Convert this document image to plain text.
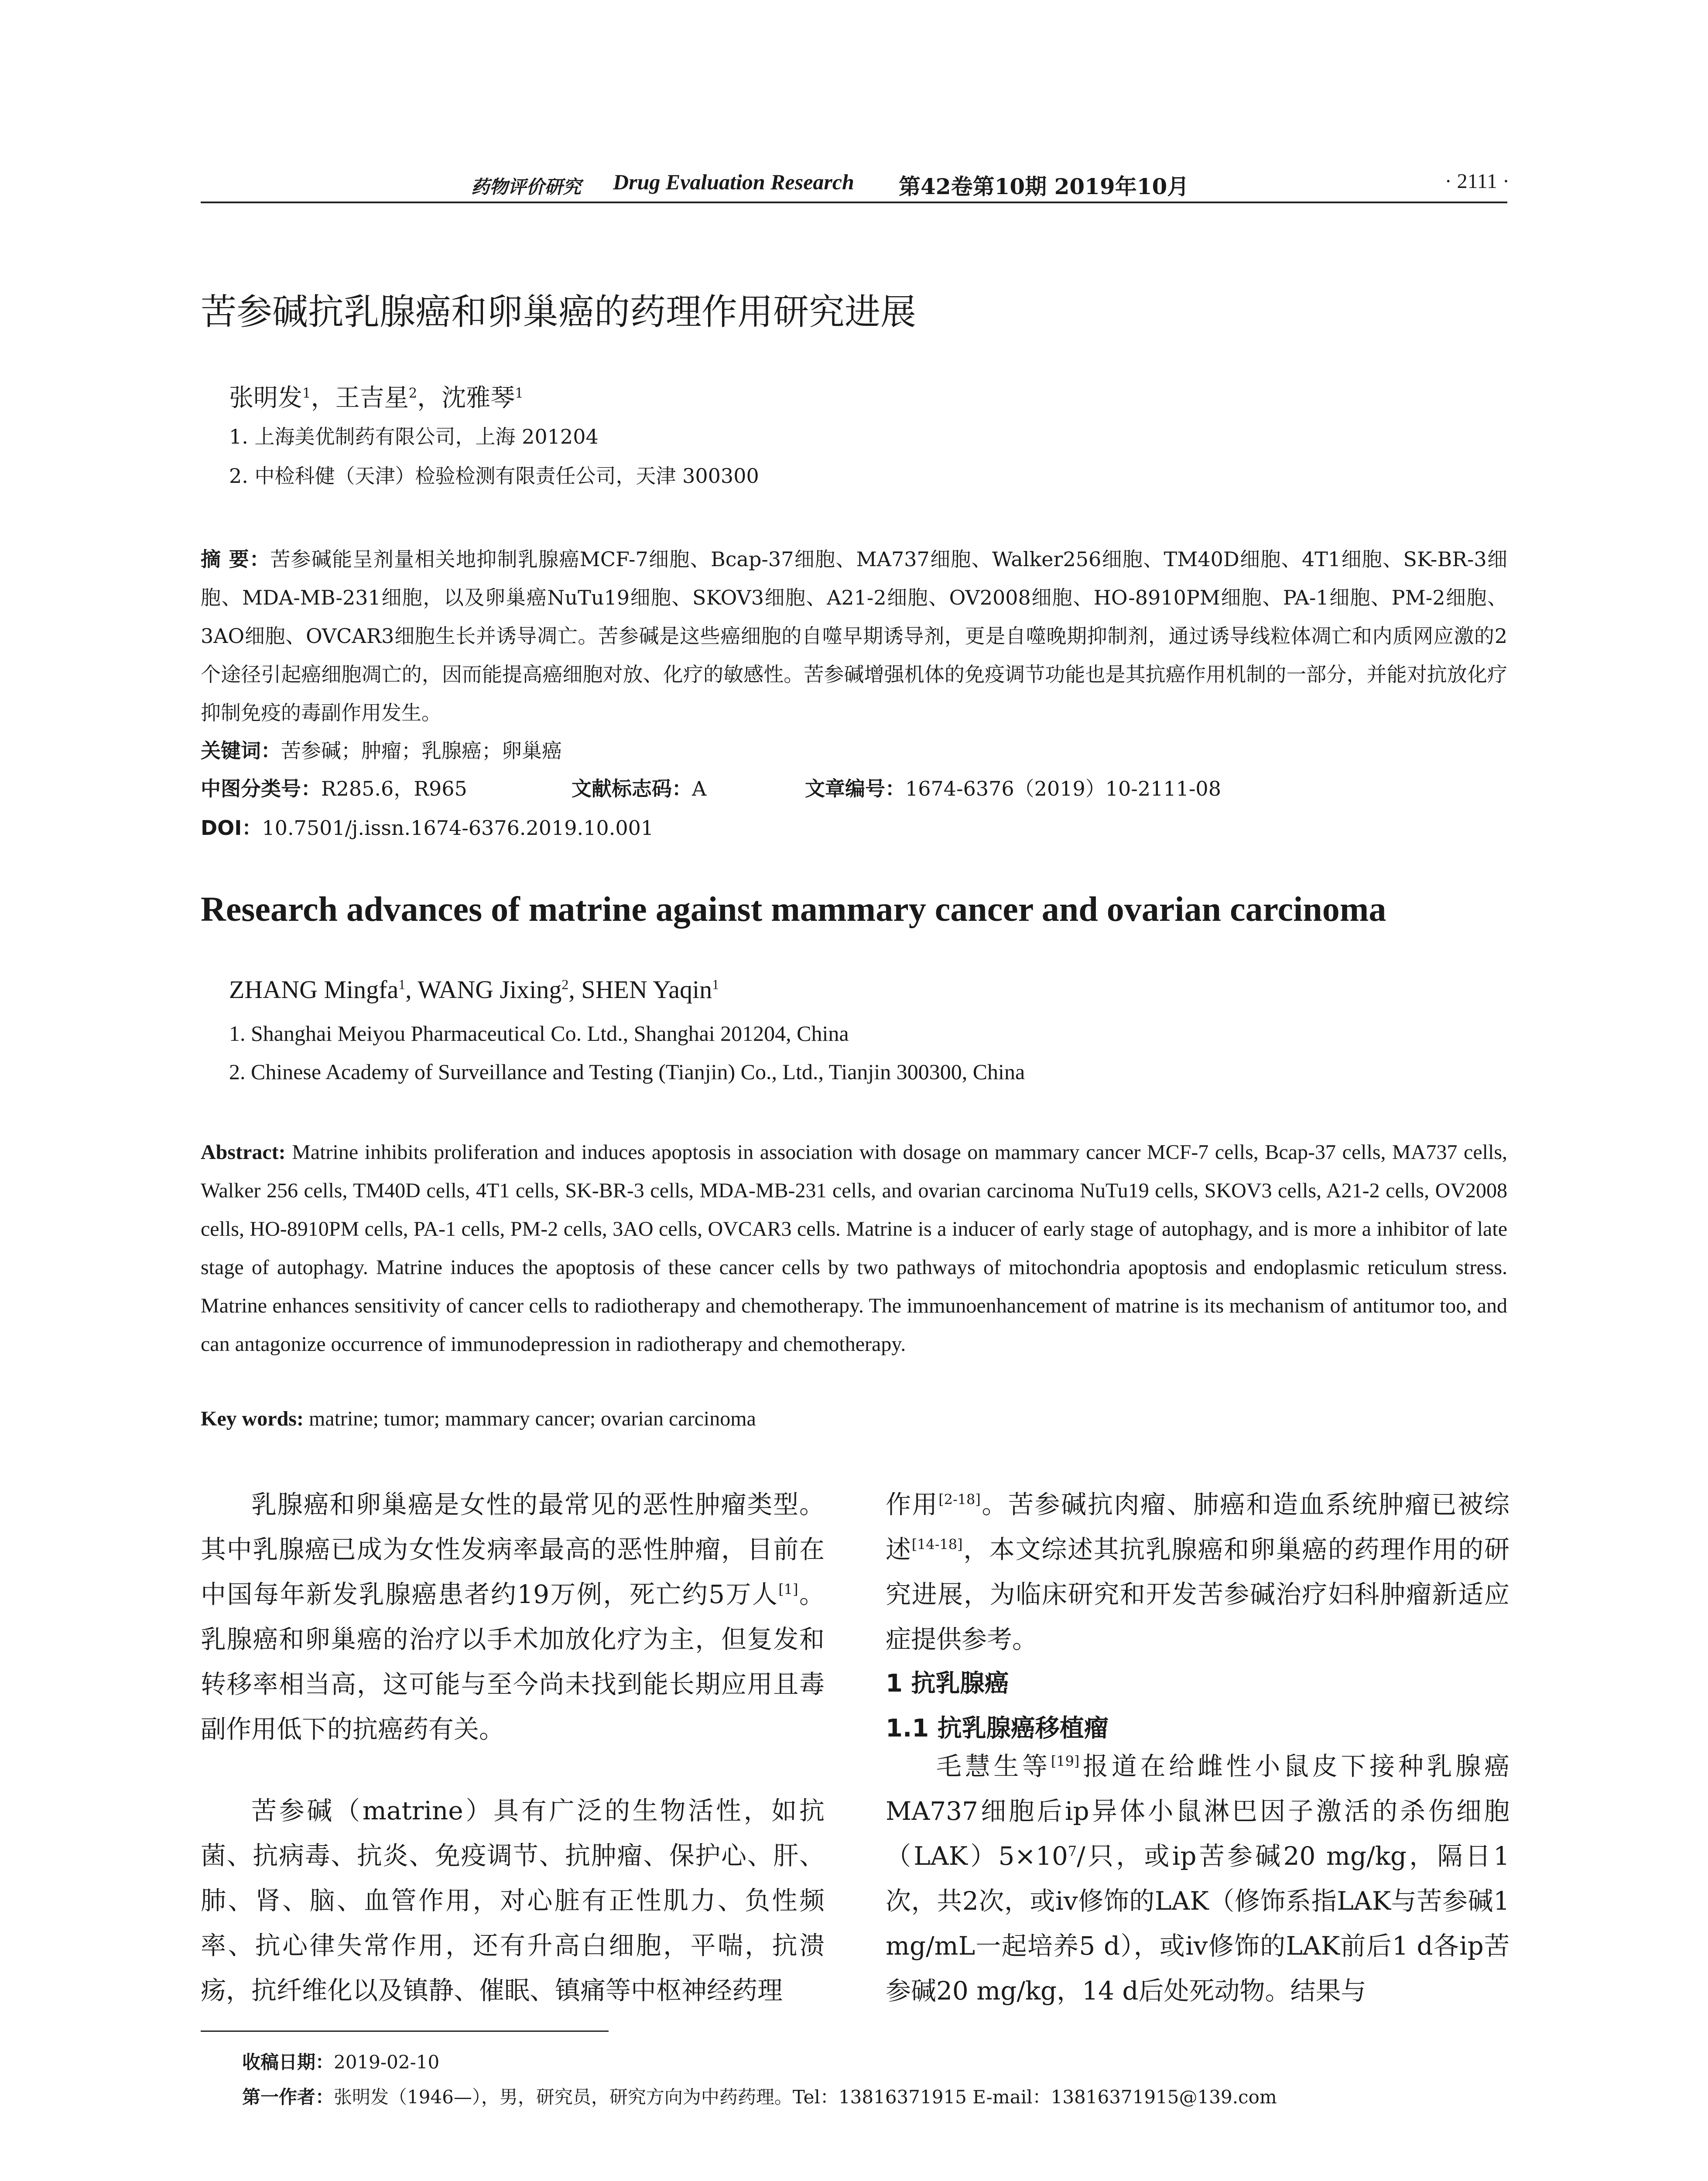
药物评价研究 Drug Evaluation Research 第42卷第10期 2019年10月	· 2111 ·
苦参碱抗乳腺癌和卵巢癌的药理作用研究进展
张明发$^1$，王吉星$^2$，沈雅琴$^1$
1. 上海美优制药有限公司，上海 201204
2. 中检科健（天津）检验检测有限责任公司，天津 300300

摘 要：苦参碱能呈剂量相关地抑制乳腺癌MCF-7细胞、Bcap-37细胞、MA737细胞、Walker256细胞、TM40D细胞、4T1细胞、SK-BR-3细胞、MDA-MB-231细胞，以及卵巢癌NuTu19细胞、SKOV3细胞、A21-2细胞、OV2008细胞、HO-8910PM细胞、PA-1细胞、PM-2细胞、3AO细胞、OVCAR3细胞生长并诱导凋亡。苦参碱是这些癌细胞的自噬早期诱导剂，更是自噬晚期抑制剂，通过诱导线粒体凋亡和内质网应激的2个途径引起癌细胞凋亡的，因而能提高癌细胞对放、化疗的敏感性。苦参碱增强机体的免疫调节功能也是其抗癌作用机制的一部分，并能对抗放化疗抑制免疫的毒副作用发生。

关键词：苦参碱；肿瘤；乳腺癌；卵巢癌
中图分类号：R285.6，R965	文献标志码：A	文章编号：1674-6376（2019）10-2111-08
DOI：10.7501/j.issn.1674-6376.2019.10.001
Research advances of matrine against mammary cancer and ovarian carcinoma
ZHANG Mingfa$^1$, WANG Jixing$^2$, SHEN Yaqin$^1$
1. Shanghai Meiyou Pharmaceutical Co. Ltd., Shanghai 201204, China
2. Chinese Academy of Surveillance and Testing (Tianjin) Co., Ltd., Tianjin 300300, China

Abstract: Matrine inhibits proliferation and induces apoptosis in association with dosage on mammary cancer MCF-7 cells, Bcap-37 cells, MA737 cells, Walker 256 cells, TM40D cells, 4T1 cells, SK-BR-3 cells, MDA-MB-231 cells, and ovarian carcinoma NuTu19 cells, SKOV3 cells, A21-2 cells, OV2008 cells, HO-8910PM cells, PA-1 cells, PM-2 cells, 3AO cells, OVCAR3 cells. Matrine is a inducer of early stage of autophagy, and is more a inhibitor of late stage of autophagy. Matrine induces the apoptosis of these cancer cells by two pathways of mitochondria apoptosis and endoplasmic reticulum stress. Matrine enhances sensitivity of cancer cells to radiotherapy and chemotherapy. The immunoenhancement of matrine is its mechanism of antitumor too, and can antagonize occurrence of immunodepression in radiotherapy and chemotherapy.

Key words: matrine; tumor; mammary cancer; ovarian carcinoma

乳腺癌和卵巢癌是女性的最常见的恶性肿瘤类型。其中乳腺癌已成为女性发病率最高的恶性肿瘤，目前在中国每年新发乳腺癌患者约19万例，死亡约5万人[1]。乳腺癌和卵巢癌的治疗以手术加放化疗为主，但复发和转移率相当高，这可能与至今尚未找到能长期应用且毒副作用低下的抗癌药有关。

苦参碱（matrine）具有广泛的生物活性，如抗菌、抗病毒、抗炎、免疫调节、抗肿瘤、保护心、肝、肺、肾、脑、血管作用，对心脏有正性肌力、负性频率、抗心律失常作用，还有升高白细胞，平喘，抗溃疡，抗纤维化以及镇静、催眠、镇痛等中枢神经药理

作用[2-18]。苦参碱抗肉瘤、肺癌和造血系统肿瘤已被综述[14-18]，本文综述其抗乳腺癌和卵巢癌的药理作用的研究进展，为临床研究和开发苦参碱治疗妇科肿瘤新适应症提供参考。

1 抗乳腺癌
1.1 抗乳腺癌移植瘤

毛慧生等[19]报道在给雌性小鼠皮下接种乳腺癌MA737细胞后ip异体小鼠淋巴因子激活的杀伤细胞$(LAK)5\times 10^7/$只，或ip苦参碱20 mg/kg，隔日1次，共2次，或iv修饰的LAK（修饰系指LAK与苦参碱1 mg/mL一起培养5 d），或iv修饰的LAK前后1 d各ip苦参碱20 mg/kg，14 d后处死动物。结果与

收稿日期：2019-02-10
第一作者：张明发（1946—），男，研究员，研究方向为中药药理。Tel：13816371915 E-mail：13816371915@139.com
